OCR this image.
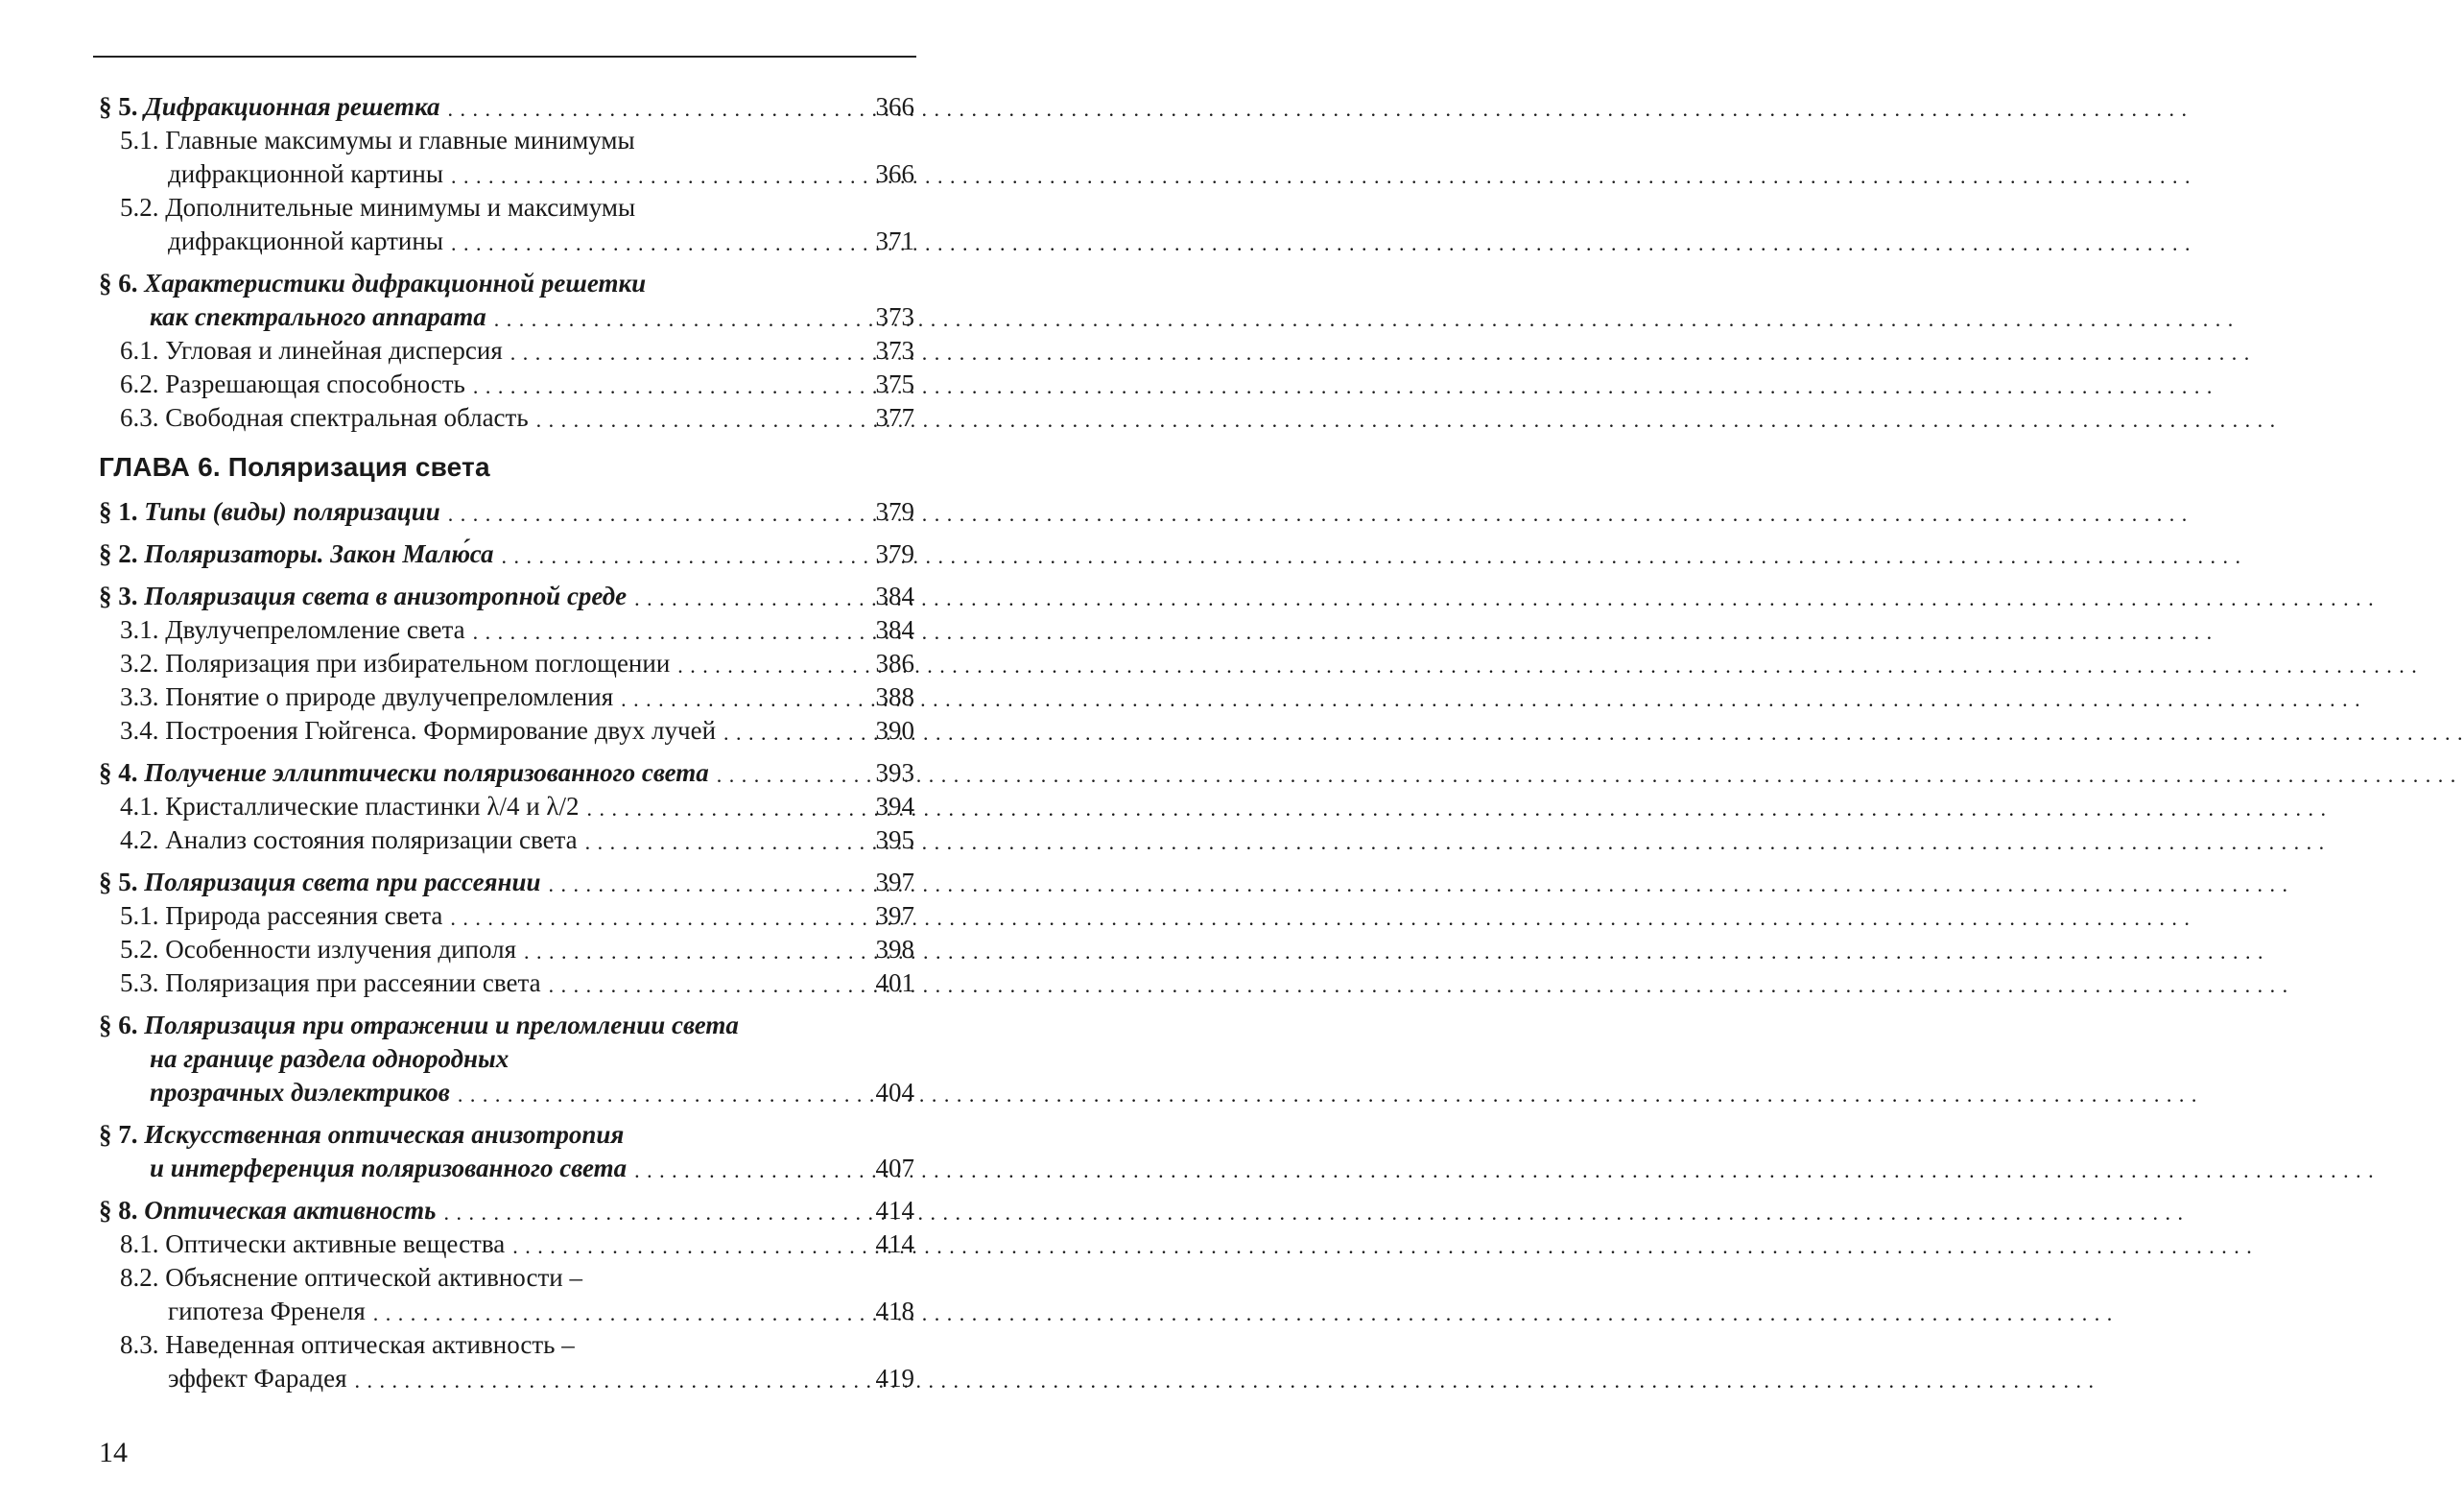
§ 5. Дифракционная решетка . . .	366
5.1. Главные максимумы и главные минимумы
дифракционной картины . . .	366
5.2. Дополнительные минимумы и максимумы
дифракционной картины . . .	371
§ 6. Характеристики дифракционной решетки
как спектрального аппарата . . .	373
6.1. Угловая и линейная дисперсия . . .	373
6.2. Разрешающая способность . . .	375
6.3. Свободная спектральная область . . .	377
ГЛАВА 6. Поляризация света
§ 1. Типы (виды) поляризации . . .	379
§ 2. Поляризаторы. Закон Малю́са . . .	379
§ 3. Поляризация света в анизотропной среде . . .	384
3.1. Двулучепреломление света . . .	384
3.2. Поляризация при избирательном поглощении . . .	386
3.3. Понятие о природе двулучепреломления . . .	388
3.4. Построения Гюйгенса. Формирование двух лучей . . .	390
§ 4. Получение эллиптически поляризованного света . . .	393
4.1. Кристаллические пластинки λ/4 и λ/2 . . .	394
4.2. Анализ состояния поляризации света . . .	395
§ 5. Поляризация света при рассеянии . . .	397
5.1. Природа рассеяния света . . .	397
5.2. Особенности излучения диполя . . .	398
5.3. Поляризация при рассеянии света . . .	401
§ 6. Поляризация при отражении и преломлении света
на границе раздела однородных
прозрачных диэлектриков . . .	404
§ 7. Искусственная оптическая анизотропия
и интерференция поляризованного света . . .	407
§ 8. Оптическая активность . . .	414
8.1. Оптически активные вещества . . .	414
8.2. Объяснение оптической активности –
гипотеза Френеля . . .	418
8.3. Наведенная оптическая активность –
эффект Фарадея . . .	419
14
